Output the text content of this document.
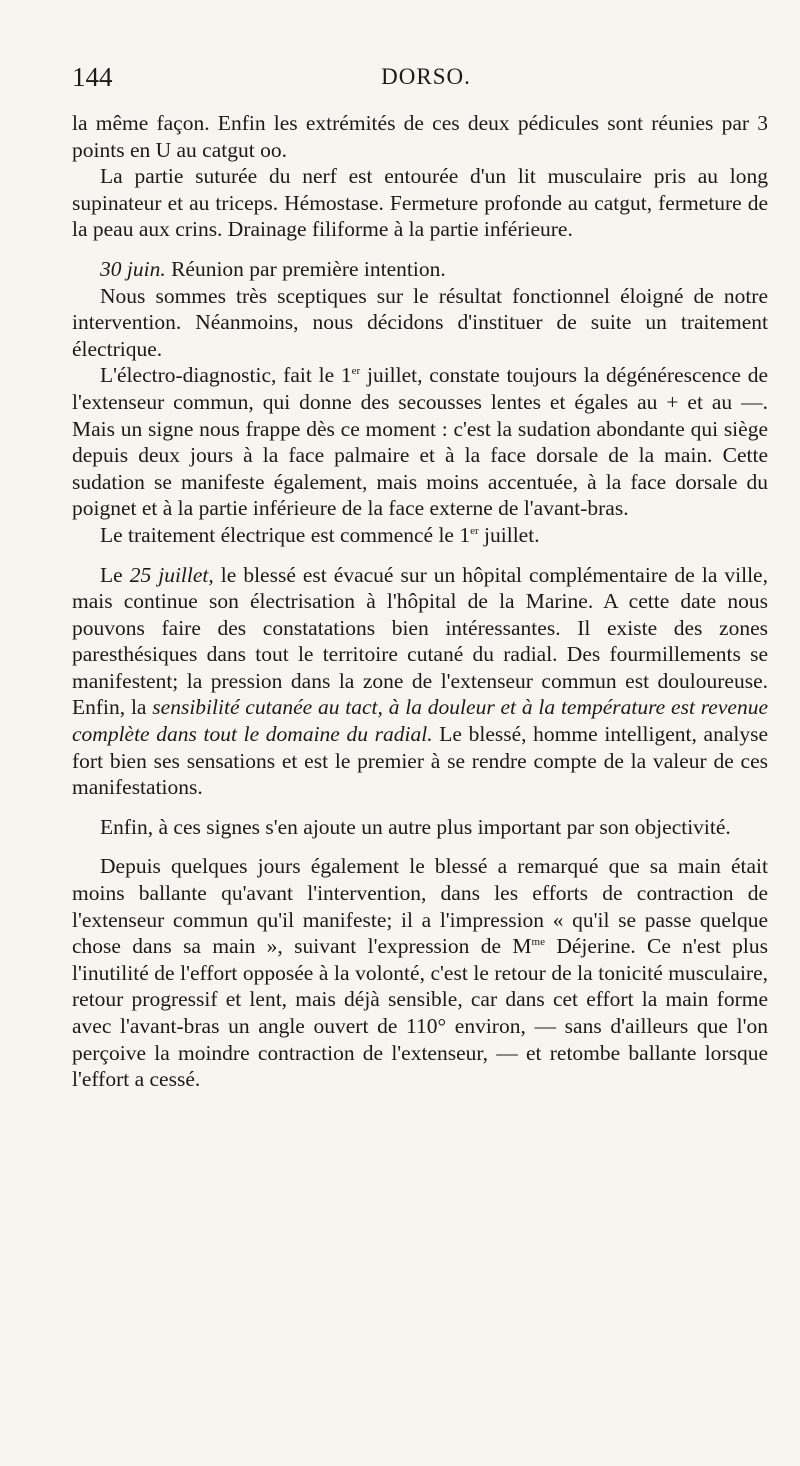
144	DORSO.

la même façon. Enfin les extrémités de ces deux pédicules sont réunies par 3 points en U au catgut oo.

La partie suturée du nerf est entourée d'un lit musculaire pris au long supinateur et au triceps. Hémostase. Fermeture profonde au catgut, fermeture de la peau aux crins. Drainage filiforme à la partie inférieure.

30 juin. Réunion par première intention.

Nous sommes très sceptiques sur le résultat fonctionnel éloigné de notre intervention. Néanmoins, nous décidons d'instituer de suite un traitement électrique.

L'électro-diagnostic, fait le 1er juillet, constate toujours la dégénérescence de l'extenseur commun, qui donne des secousses lentes et égales au + et au —. Mais un signe nous frappe dès ce moment : c'est la sudation abondante qui siège depuis deux jours à la face palmaire et à la face dorsale de la main. Cette sudation se manifeste également, mais moins accentuée, à la face dorsale du poignet et à la partie inférieure de la face externe de l'avant-bras.

Le traitement électrique est commencé le 1er juillet.

Le 25 juillet, le blessé est évacué sur un hôpital complémentaire de la ville, mais continue son électrisation à l'hôpital de la Marine. A cette date nous pouvons faire des constatations bien intéressantes. Il existe des zones paresthésiques dans tout le territoire cutané du radial. Des fourmillements se manifestent; la pression dans la zone de l'extenseur commun est douloureuse. Enfin, la sensibilité cutanée au tact, à la douleur et à la température est revenue complète dans tout le domaine du radial. Le blessé, homme intelligent, analyse fort bien ses sensations et est le premier à se rendre compte de la valeur de ces manifestations.

Enfin, à ces signes s'en ajoute un autre plus important par son objectivité.

Depuis quelques jours également le blessé a remarqué que sa main était moins ballante qu'avant l'intervention, dans les efforts de contraction de l'extenseur commun qu'il manifeste; il a l'impression « qu'il se passe quelque chose dans sa main », suivant l'expression de $M^{me}$ Déjerine. Ce n'est plus l'inutilité de l'effort opposée à la volonté, c'est le retour de la tonicité musculaire, retour progressif et lent, mais déjà sensible, car dans cet effort la main forme avec l'avant-bras un angle ouvert de 110° environ, — sans d'ailleurs que l'on perçoive la moindre contraction de l'extenseur, — et retombe ballante lorsque l'effort a cessé.
